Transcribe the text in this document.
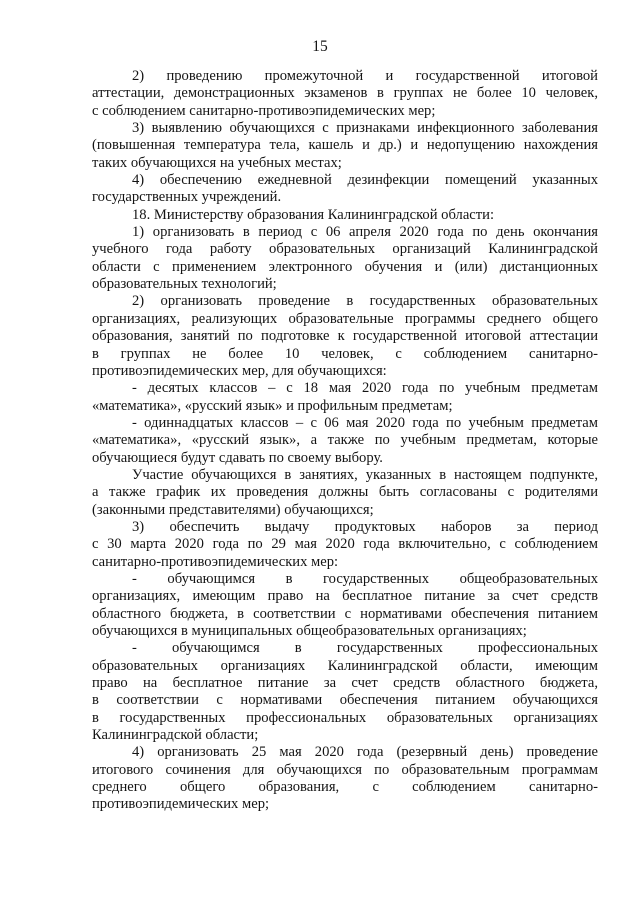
15
2) проведению промежуточной и государственной итоговой
аттестации, демонстрационных экзаменов в группах не более 10 человек,
с соблюдением санитарно-противоэпидемических мер;
3) выявлению обучающихся с признаками инфекционного заболевания
(повышенная температура тела, кашель и др.) и недопущению нахождения
таких обучающихся на учебных местах;
4) обеспечению ежедневной дезинфекции помещений указанных
государственных учреждений.
18. Министерству образования Калининградской области:
1) организовать в период с 06 апреля 2020 года по день окончания
учебного года работу образовательных организаций Калининградской
области с применением электронного обучения и (или) дистанционных
образовательных технологий;
2) организовать проведение в государственных образовательных
организациях, реализующих образовательные программы среднего общего
образования, занятий по подготовке к государственной итоговой аттестации
в группах не более 10 человек, с соблюдением санитарно-
противоэпидемических мер, для обучающихся:
- десятых классов – с 18 мая 2020 года по учебным предметам
«математика», «русский язык» и профильным предметам;
- одиннадцатых классов – с 06 мая 2020 года по учебным предметам
«математика», «русский язык», а также по учебным предметам, которые
обучающиеся будут сдавать по своему выбору.
Участие обучающихся в занятиях, указанных в настоящем подпункте,
а также график их проведения должны быть согласованы с родителями
(законными представителями) обучающихся;
3) обеспечить выдачу продуктовых наборов за период
с 30 марта 2020 года по 29 мая 2020 года включительно, с соблюдением
санитарно-противоэпидемических мер:
- обучающимся в государственных общеобразовательных
организациях, имеющим право на бесплатное питание за счет средств
областного бюджета, в соответствии с нормативами обеспечения питанием
обучающихся в муниципальных общеобразовательных организациях;
- обучающимся в государственных профессиональных
образовательных организациях Калининградской области, имеющим
право на бесплатное питание за счет средств областного бюджета,
в соответствии с нормативами обеспечения питанием обучающихся
в государственных профессиональных образовательных организациях
Калининградской области;
4) организовать 25 мая 2020 года (резервный день) проведение
итогового сочинения для обучающихся по образовательным программам
среднего общего образования, с соблюдением санитарно-
противоэпидемических мер;
